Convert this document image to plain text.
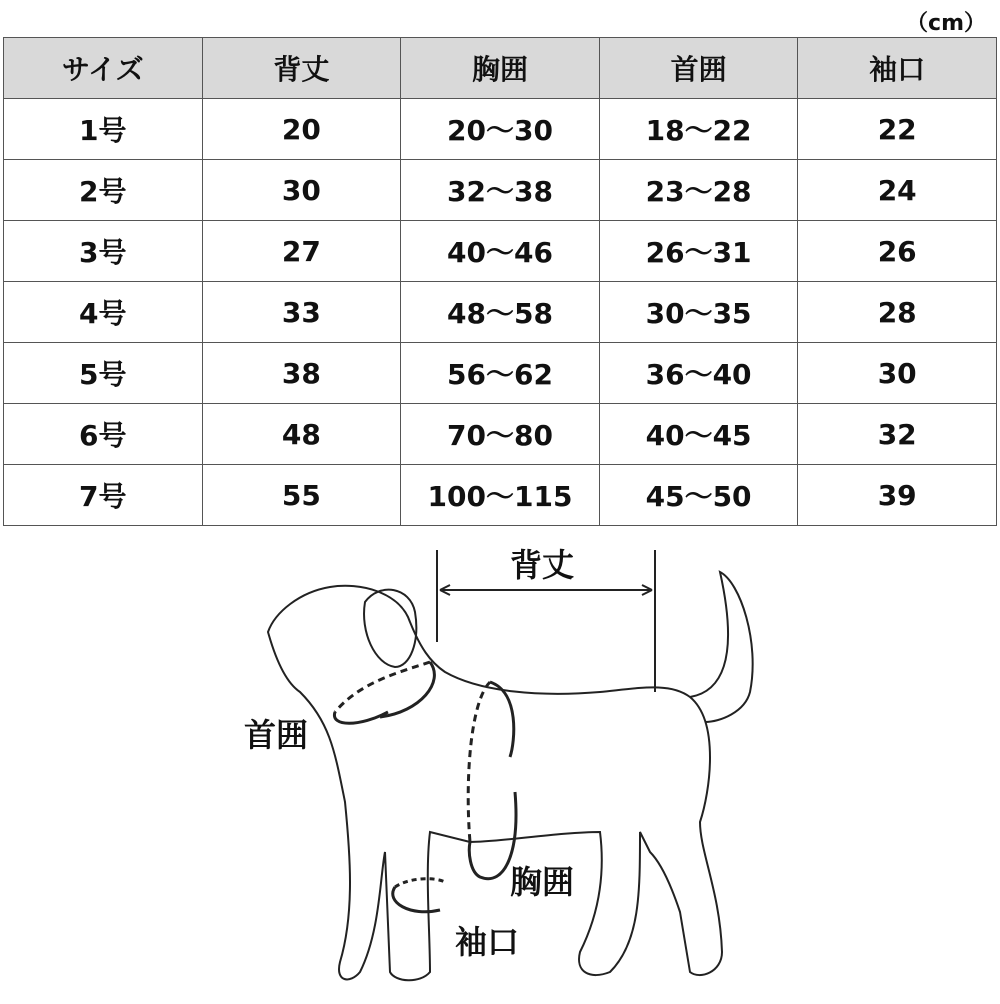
（cm）
サイズ	背丈	胸囲	首囲	袖口
1号	20	20～30	18～22	22
2号	30	32～38	23～28	24
3号	27	40～46	26～31	26
4号	33	48～58	30～35	28
5号	38	56～62	36～40	30
6号	48	70～80	40～45	32
7号	55	100～115	45～50	39
背丈
首囲
胸囲
袖口
